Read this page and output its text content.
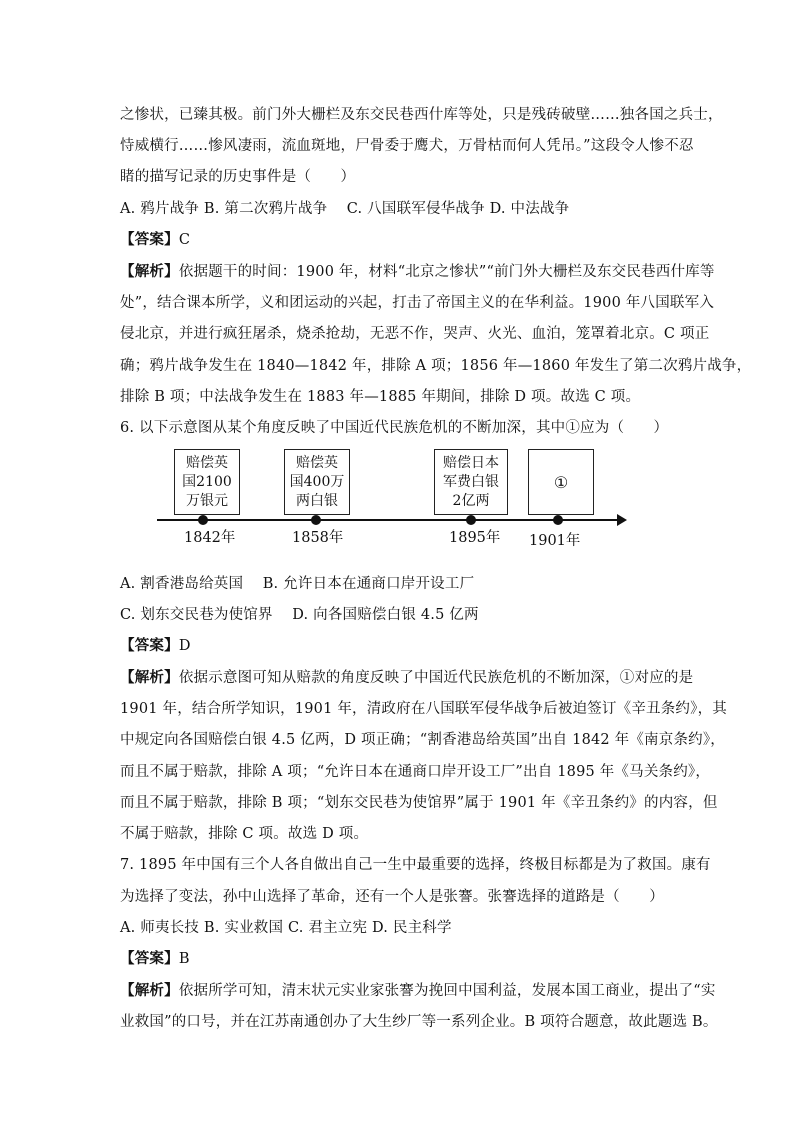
之惨状，已臻其极。前门外大栅栏及东交民巷西什库等处，只是残砖破壁……独各国之兵士，
恃威横行……惨风凄雨，流血斑地，尸骨委于鹰犬，万骨枯而何人凭吊。”这段令人惨不忍
睹的描写记录的历史事件是（　　）
A. 鸦片战争 B. 第二次鸦片战争　 C. 八国联军侵华战争 D. 中法战争
【答案】C
【解析】依据题干的时间：1900 年，材料“北京之惨状”“前门外大栅栏及东交民巷西什库等
处”，结合课本所学，义和团运动的兴起，打击了帝国主义的在华利益。1900 年八国联军入
侵北京，并进行疯狂屠杀，烧杀抢劫，无恶不作，哭声、火光、血泊，笼罩着北京。C 项正
确；鸦片战争发生在 1840—1842 年，排除 A 项；1856 年—1860 年发生了第二次鸦片战争，
排除 B 项；中法战争发生在 1883 年—1885 年期间，排除 D 项。故选 C 项。
6. 以下示意图从某个角度反映了中国近代民族危机的不断加深，其中①应为（　　）
赔偿英
国2100
万银元
赔偿英
国400万
两白银
赔偿日本
军费白银
2亿两
①
1842年	1858年	1895年 1901年
A. 割香港岛给英国　 B. 允许日本在通商口岸开设工厂
C. 划东交民巷为使馆界　 D. 向各国赔偿白银 4.5 亿两
【答案】D
【解析】依据示意图可知从赔款的角度反映了中国近代民族危机的不断加深，①对应的是
1901 年，结合所学知识，1901 年，清政府在八国联军侵华战争后被迫签订《辛丑条约》，其
中规定向各国赔偿白银 4.5 亿两，D 项正确；“割香港岛给英国”出自 1842 年《南京条约》，
而且不属于赔款，排除 A 项；“允许日本在通商口岸开设工厂”出自 1895 年《马关条约》，
而且不属于赔款，排除 B 项；“划东交民巷为使馆界”属于 1901 年《辛丑条约》的内容，但
不属于赔款，排除 C 项。故选 D 项。
7. 1895 年中国有三个人各自做出自己一生中最重要的选择，终极目标都是为了救国。康有
为选择了变法，孙中山选择了革命，还有一个人是张謇。张謇选择的道路是（　　）
A. 师夷长技 B. 实业救国 C. 君主立宪 D. 民主科学
【答案】B
【解析】依据所学可知，清末状元实业家张謇为挽回中国利益，发展本国工商业，提出了“实
业救国”的口号，并在江苏南通创办了大生纱厂等一系列企业。B 项符合题意，故此题选 B。
